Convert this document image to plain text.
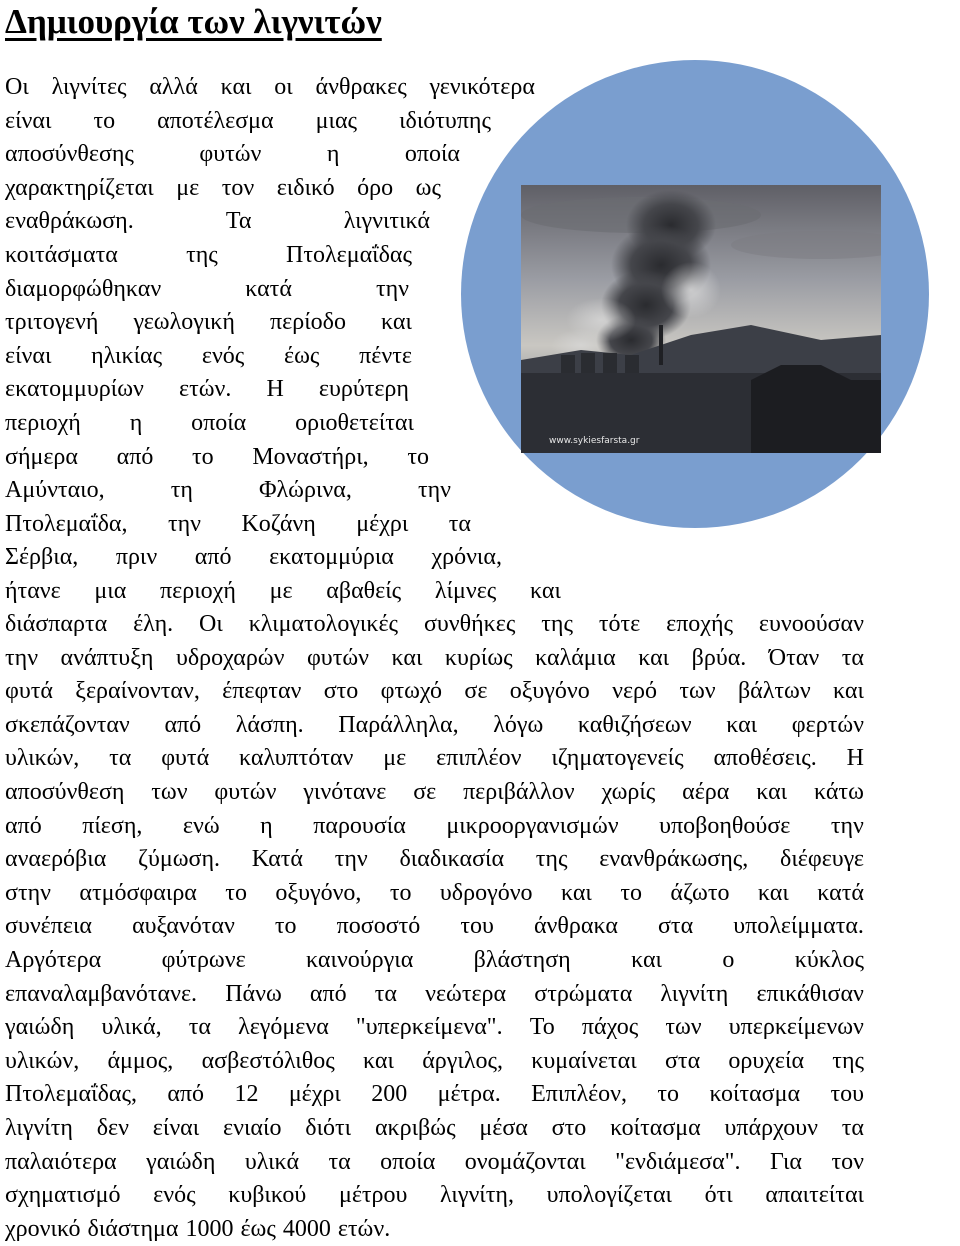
Δημιουργία των λιγνιτών
www.sykiesfarsta.gr
Οι λιγνίτες αλλά και οι άνθρακες γενικότερα
είναι το αποτέλεσμα μιας ιδιότυπης
αποσύνθεσης	φυτών	η	οποία
χαρακτηρίζεται με τον ειδικό όρο ως
εναθράκωση.	Τα	λιγνιτικά
κοιτάσματα	της	Πτολεμαΐδας
διαμορφώθηκαν	κατά	την
τριτογενή γεωλογική περίοδο και
είναι ηλικίας ενός έως πέντε
εκατομμυρίων ετών. Η ευρύτερη
περιοχή η οποία οριοθετείται
σήμερα από το Μοναστήρι, το
Αμύνταιο,	τη	Φλώρινα,	την
Πτολεμαΐδα, την Κοζάνη μέχρι τα
Σέρβια, πριν από εκατομμύρια χρόνια,
ήτανε μια περιοχή με αβαθείς λίμνες και
διάσπαρτα έλη. Οι κλιματολογικές συνθήκες της τότε εποχής ευνοούσαν
την ανάπτυξη υδροχαρών φυτών και κυρίως καλάμια και βρύα. Όταν τα
φυτά ξεραίνονταν, έπεφταν στο φτωχό σε οξυγόνο νερό των βάλτων και
σκεπάζονταν από λάσπη. Παράλληλα, λόγω καθιζήσεων και φερτών
υλικών, τα φυτά καλυπτόταν με επιπλέον ιζηματογενείς αποθέσεις. Η
αποσύνθεση των φυτών γινότανε σε περιβάλλον χωρίς αέρα και κάτω
από πίεση, ενώ η παρουσία μικροοργανισμών υποβοηθούσε την
αναερόβια ζύμωση. Κατά την διαδικασία της ενανθράκωσης, διέφευγε
στην ατμόσφαιρα το οξυγόνο, το υδρογόνο και το άζωτο και κατά
συνέπεια αυξανόταν το ποσοστό του άνθρακα στα υπολείμματα.
Αργότερα	φύτρωνε	καινούργια	βλάστηση	και	ο	κύκλος
επαναλαμβανότανε. Πάνω από τα νεώτερα στρώματα λιγνίτη επικάθισαν
γαιώδη υλικά, τα λεγόμενα "υπερκείμενα". Το πάχος των υπερκείμενων
υλικών, άμμος, ασβεστόλιθος και άργιλος, κυμαίνεται στα ορυχεία της
Πτολεμαΐδας, από 12 μέχρι 200 μέτρα. Επιπλέον, το κοίτασμα του
λιγνίτη δεν είναι ενιαίο διότι ακριβώς μέσα στο κοίτασμα υπάρχουν τα
παλαιότερα γαιώδη υλικά τα οποία ονομάζονται "ενδιάμεσα". Για τον
σχηματισμό ενός κυβικού μέτρου λιγνίτη, υπολογίζεται ότι απαιτείται
χρονικό διάστημα 1000 έως 4000 ετών.
